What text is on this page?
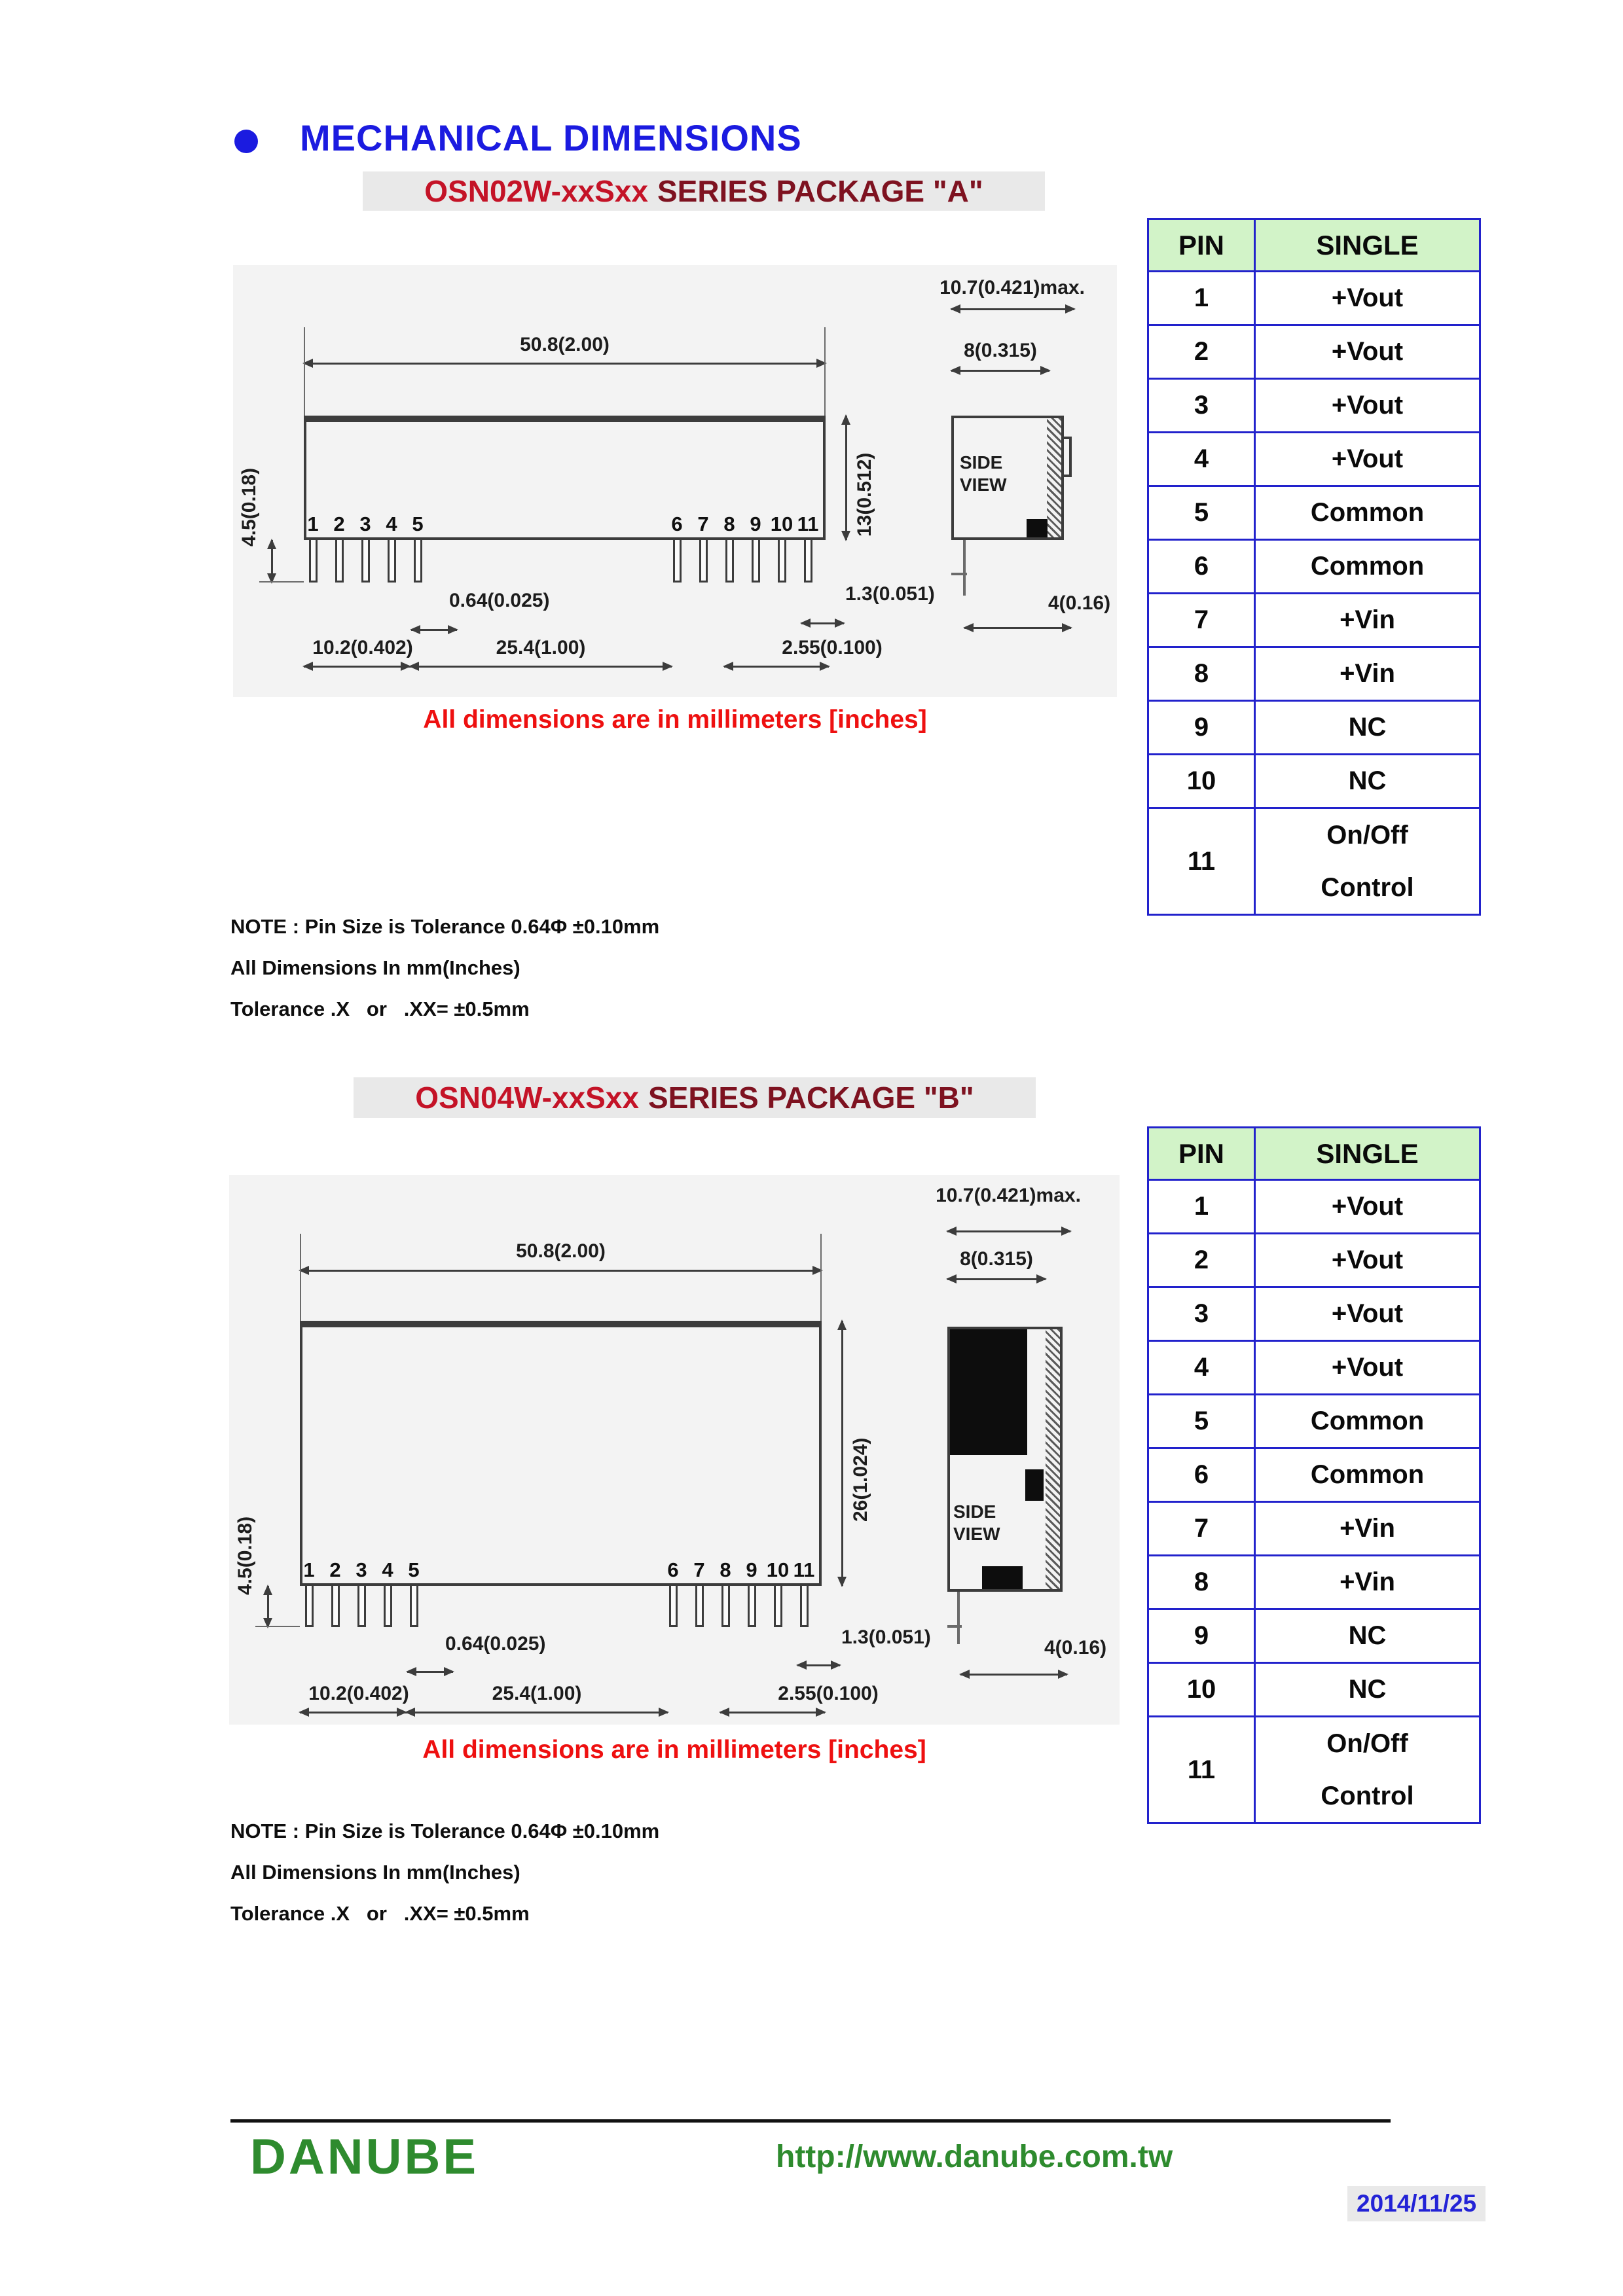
MECHANICAL DIMENSIONS
OSN02W-xxSxx SERIES PACKAGE "A"
50.8(2.00)
10.7(0.421)max.
8(0.315)
4.5(0.18)	13(0.512)
1 2 3 4 5	6 7 8 9 10 11
0.64(0.025)	1.3(0.051)	4(0.16)
10.2(0.402)	25.4(1.00)	2.55(0.100)
SIDE VIEW
All dimensions are in millimeters [inches]
NOTE : Pin Size is Tolerance 0.64Φ ±0.10mm
All Dimensions In mm(Inches)
Tolerance .X   or   .XX= ±0.5mm
PIN	SINGLE
1	+Vout
2	+Vout
3	+Vout
4	+Vout
5	Common
6	Common
7	+Vin
8	+Vin
9	NC
10	NC
11	On/Off
Control
OSN04W-xxSxx SERIES PACKAGE "B"
50.8(2.00)
10.7(0.421)max.
8(0.315)
4.5(0.18)
26(1.024)
1 2 3 4 5	6 7 8 9 10 11
0.64(0.025)	1.3(0.051)	4(0.16)
10.2(0.402)	25.4(1.00)	2.55(0.100)
SIDE VIEW
All dimensions are in millimeters [inches]
NOTE : Pin Size is Tolerance 0.64Φ ±0.10mm
All Dimensions In mm(Inches)
Tolerance .X   or   .XX= ±0.5mm
PIN	SINGLE
1	+Vout
2	+Vout
3	+Vout
4	+Vout
5	Common
6	Common
7	+Vin
8	+Vin
9	NC
10	NC
11	On/Off
Control
DANUBE	http://www.danube.com.tw
2014/11/25
